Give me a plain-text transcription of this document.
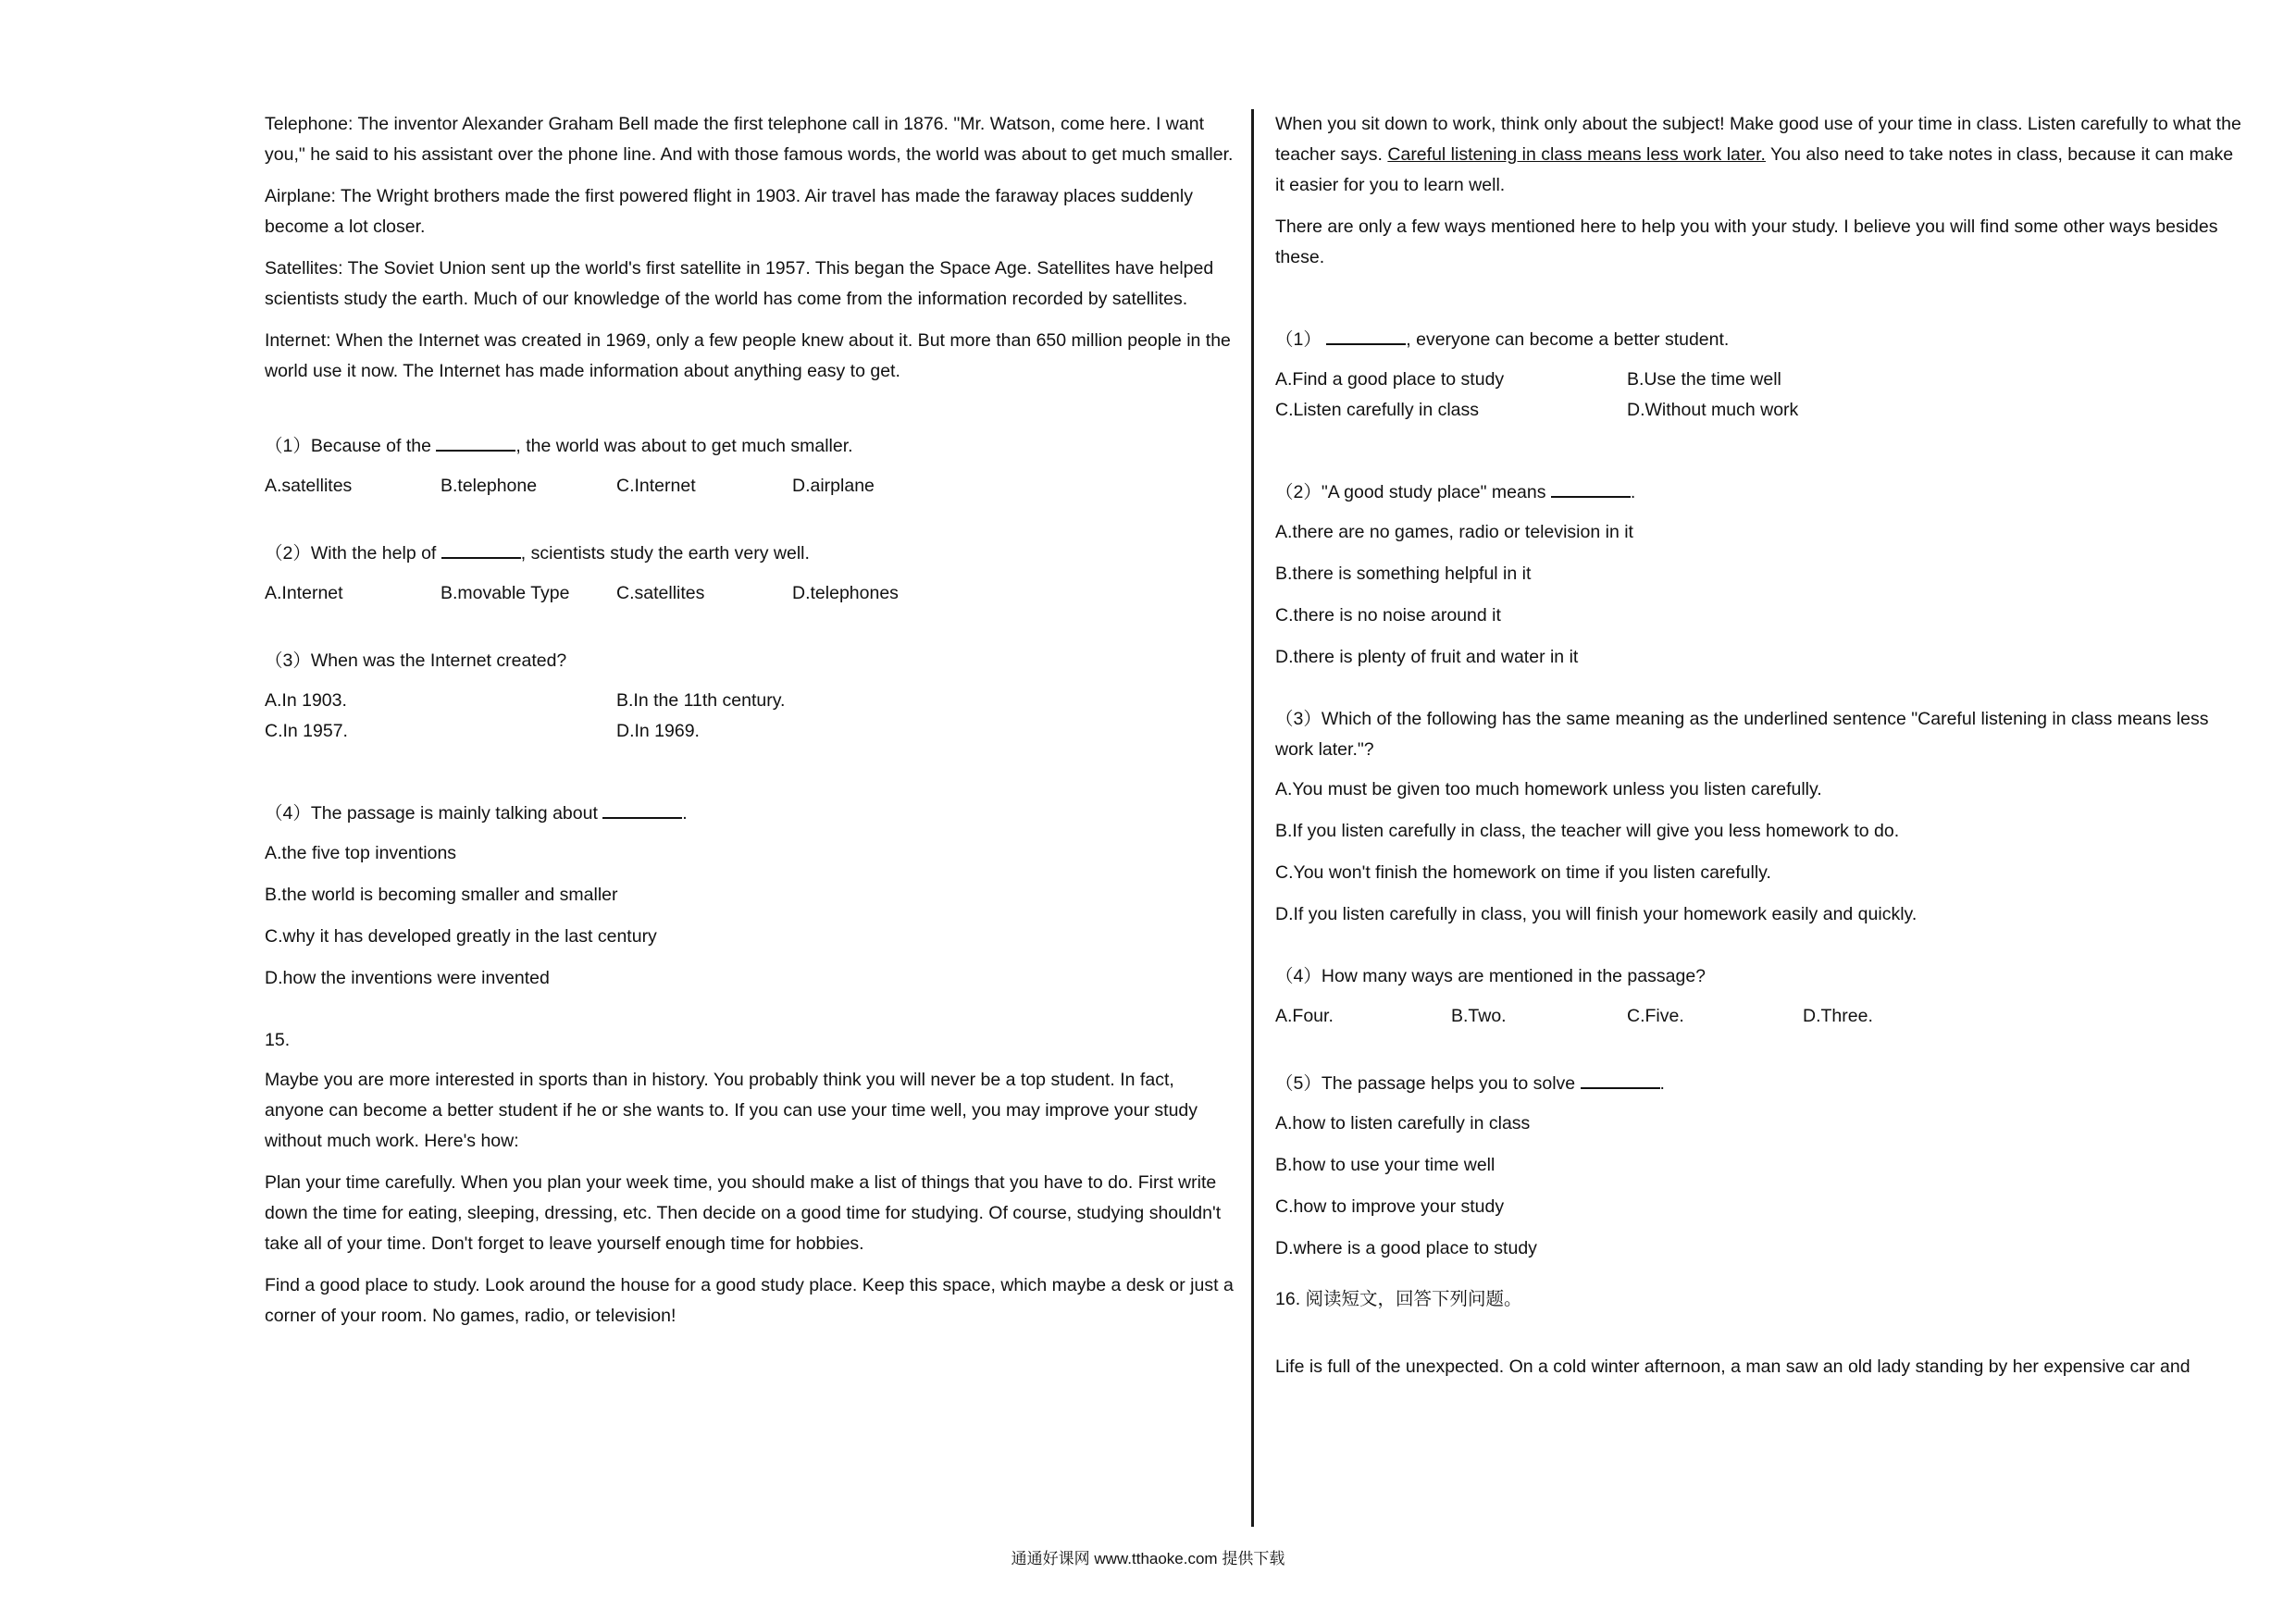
Telephone: The inventor Alexander Graham Bell made the first telephone call in 1876. "Mr. Watson, come here. I want you," he said to his assistant over the phone line. And with those famous words, the world was about to get much smaller.

Airplane: The Wright brothers made the first powered flight in 1903. Air travel has made the faraway places suddenly become a lot closer.

Satellites: The Soviet Union sent up the world's first satellite in 1957. This began the Space Age. Satellites have helped scientists study the earth. Much of our knowledge of the world has come from the information recorded by satellites.

Internet: When the Internet was created in 1969, only a few people knew about it. But more than 650 million people in the world use it now. The Internet has made information about anything easy to get.

（1）Because of the	, the world was about to get much smaller.

A.satellites	B.telephone	C.Internet	D.airplane

（2）With the help of	, scientists study the earth very well.

A.Internet	B.movable Type	C.satellites	D.telephones

（3）When was the Internet created?

A.In 1903.	B.In the 11th century.
C.In 1957.	D.In 1969.

（4）The passage is mainly talking about	.

A.the five top inventions
B.the world is becoming smaller and smaller
C.why it has developed greatly in the last century
D.how the inventions were invented

15.

Maybe you are more interested in sports than in history. You probably think you will never be a top student. In fact, anyone can become a better student if he or she wants to. If you can use your time well, you may improve your study without much work. Here's how:

Plan your time carefully. When you plan your week time, you should make a list of things that you have to do. First write down the time for eating, sleeping, dressing, etc. Then decide on a good time for studying. Of course, studying shouldn't take all of your time. Don't forget to leave yourself enough time for hobbies.

Find a good place to study. Look around the house for a good study place. Keep this space, which maybe a desk or just a corner of your room. No games, radio, or television!

When you sit down to work, think only about the subject! Make good use of your time in class. Listen carefully to what the teacher says. Careful listening in class means less work later. You also need to take notes in class, because it can make it easier for you to learn well.

There are only a few ways mentioned here to help you with your study. I believe you will find some other ways besides these.

（1）	, everyone can become a better student.

A.Find a good place to study	B.Use the time well
C.Listen carefully in class	D.Without much work

（2）"A good study place" means	.

A.there are no games, radio or television in it
B.there is something helpful in it
C.there is no noise around it
D.there is plenty of fruit and water in it

（3）Which of the following has the same meaning as the underlined sentence "Careful listening in class means less work later."?

A.You must be given too much homework unless you listen carefully.
B.If you listen carefully in class, the teacher will give you less homework to do.
C.You won't finish the homework on time if you listen carefully.
D.If you listen carefully in class, you will finish your homework easily and quickly.

（4）How many ways are mentioned in the passage?

A.Four.	B.Two.	C.Five.	D.Three.

（5）The passage helps you to solve	.

A.how to listen carefully in class
B.how to use your time well
C.how to improve your study
D.where is a good place to study

16. 阅读短文，回答下列问题。

Life is full of the unexpected. On a cold winter afternoon, a man saw an old lady standing by her expensive car and

通通好课网 www.tthaoke.com 提供下载
